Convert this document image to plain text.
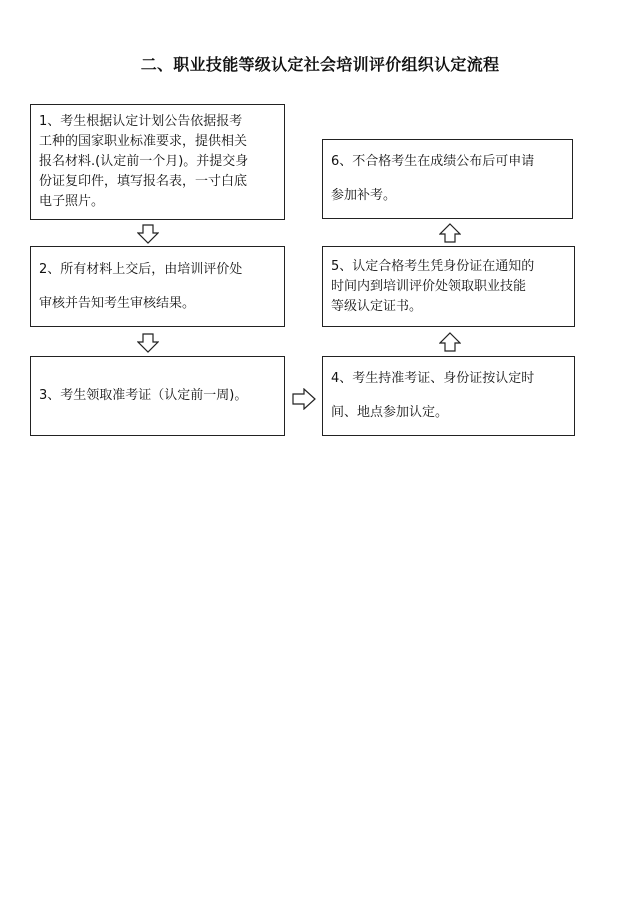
二、职业技能等级认定社会培训评价组织认定流程
1、考生根据认定计划公告依据报考
工种的国家职业标准要求，提供相关
报名材料.(认定前一个月)。并提交身
份证复印件，填写报名表，一寸白底
电子照片。
2、所有材料上交后，由培训评价处
审核并告知考生审核结果。
3、考生领取准考证（认定前一周)。
4、考生持准考证、身份证按认定时
间、地点参加认定。
5、认定合格考生凭身份证在通知的
时间内到培训评价处领取职业技能
等级认定证书。
6、不合格考生在成绩公布后可申请
参加补考。
